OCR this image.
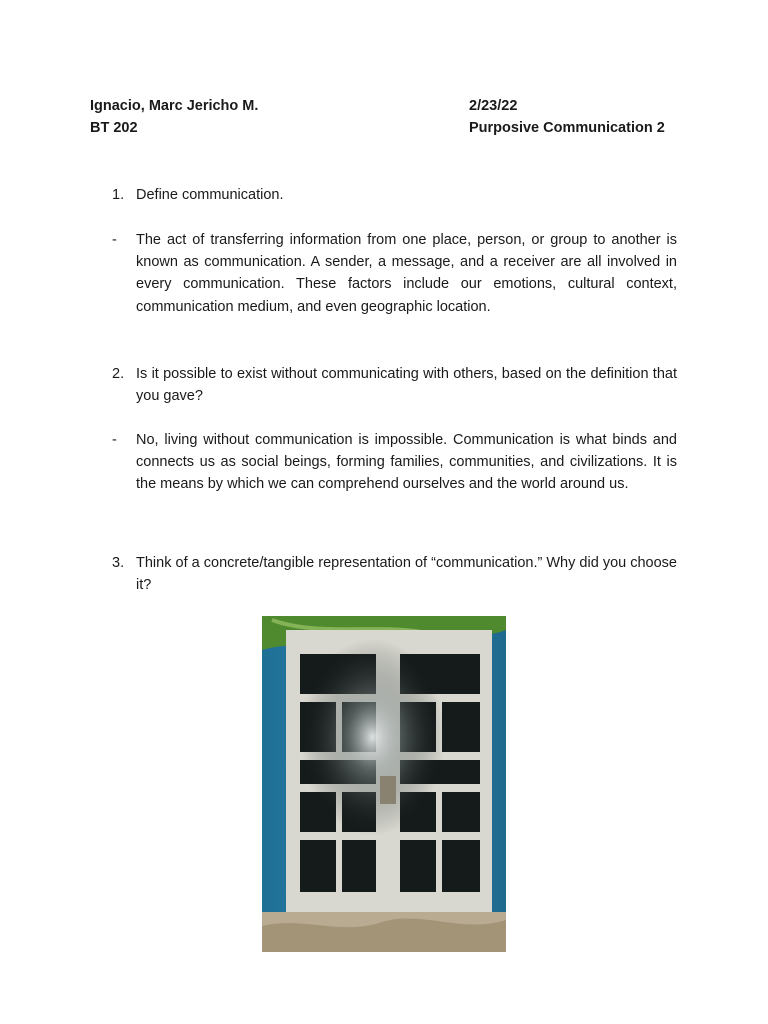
Ignacio, Marc Jericho M.
BT 202
2/23/22
Purposive Communication 2
1. Define communication.
- The act of transferring information from one place, person, or group to another is known as communication. A sender, a message, and a receiver are all involved in every communication. These factors include our emotions, cultural context, communication medium, and even geographic location.
2. Is it possible to exist without communicating with others, based on the definition that you gave?
- No, living without communication is impossible. Communication is what binds and connects us as social beings, forming families, communities, and civilizations. It is the means by which we can comprehend ourselves and the world around us.
3. Think of a concrete/tangible representation of “communication.” Why did you choose it?
